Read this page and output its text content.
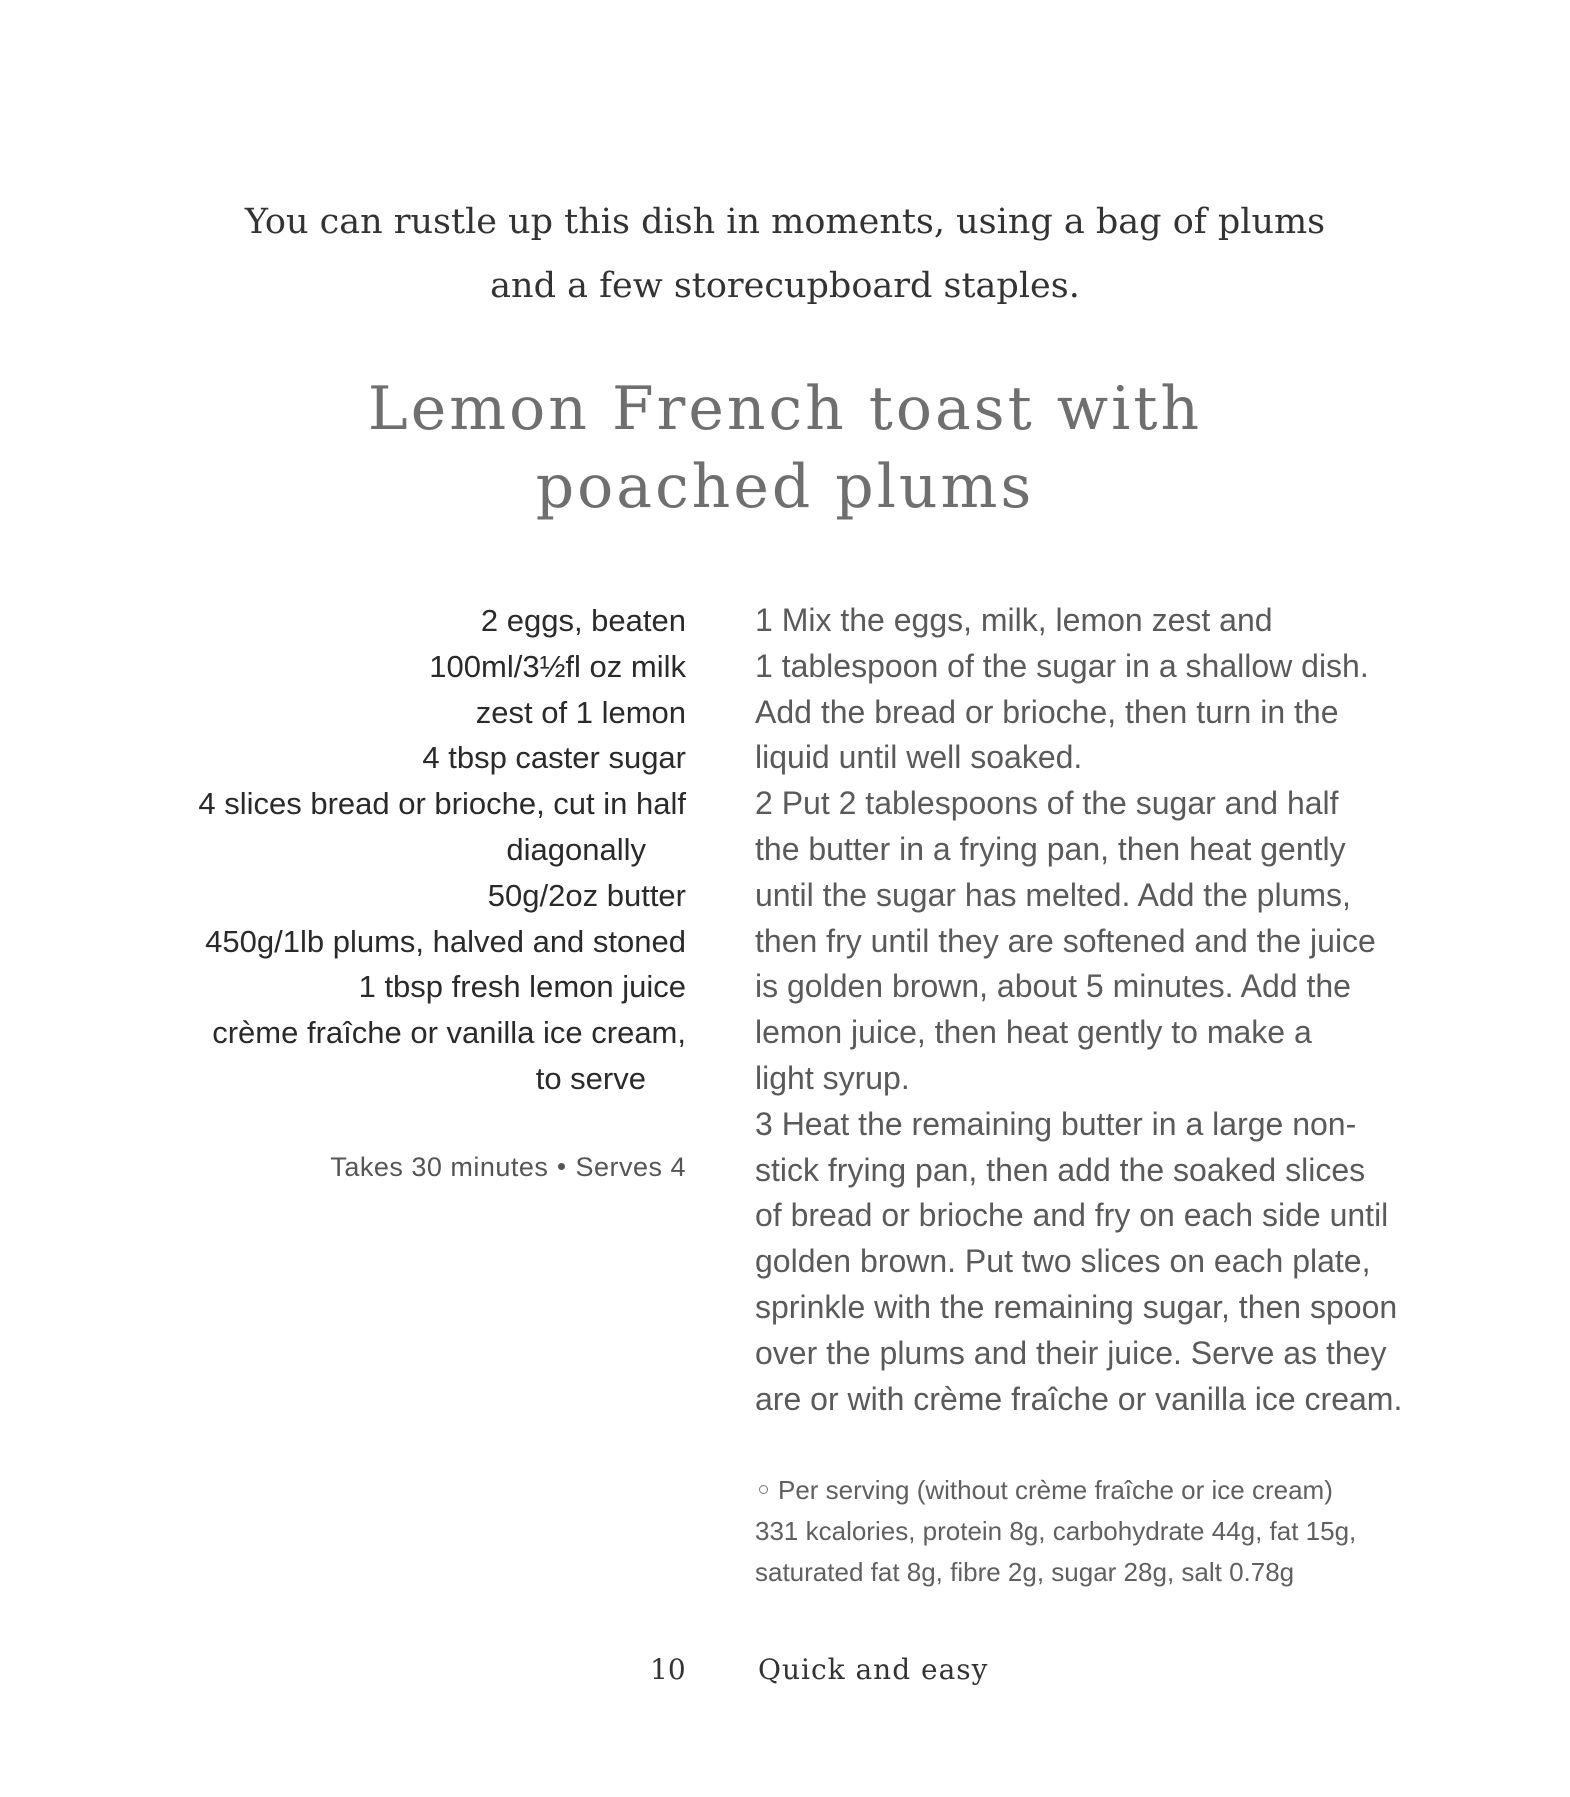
You can rustle up this dish in moments, using a bag of plums
and a few storecupboard staples.
Lemon French toast with
poached plums
2 eggs, beaten
100ml/3½fl oz milk
zest of 1 lemon
4 tbsp caster sugar
4 slices bread or brioche, cut in half
diagonally
50g/2oz butter
450g/1lb plums, halved and stoned
1 tbsp fresh lemon juice
crème fraîche or vanilla ice cream,
to serve
Takes 30 minutes Serves 4
1 Mix the eggs, milk, lemon zest and
1 tablespoon of the sugar in a shallow dish.
Add the bread or brioche, then turn in the
liquid until well soaked.
2 Put 2 tablespoons of the sugar and half
the butter in a frying pan, then heat gently
until the sugar has melted. Add the plums,
then fry until they are softened and the juice
is golden brown, about 5 minutes. Add the
lemon juice, then heat gently to make a
light syrup.
3 Heat the remaining butter in a large non-
stick frying pan, then add the soaked slices
of bread or brioche and fry on each side until
golden brown. Put two slices on each plate,
sprinkle with the remaining sugar, then spoon
over the plums and their juice. Serve as they
are or with crème fraîche or vanilla ice cream.
Per serving (without crème fraîche or ice cream)
331 kcalories, protein 8g, carbohydrate 44g, fat 15g,
saturated fat 8g, fibre 2g, sugar 28g, salt 0.78g
10	Quick and easy
